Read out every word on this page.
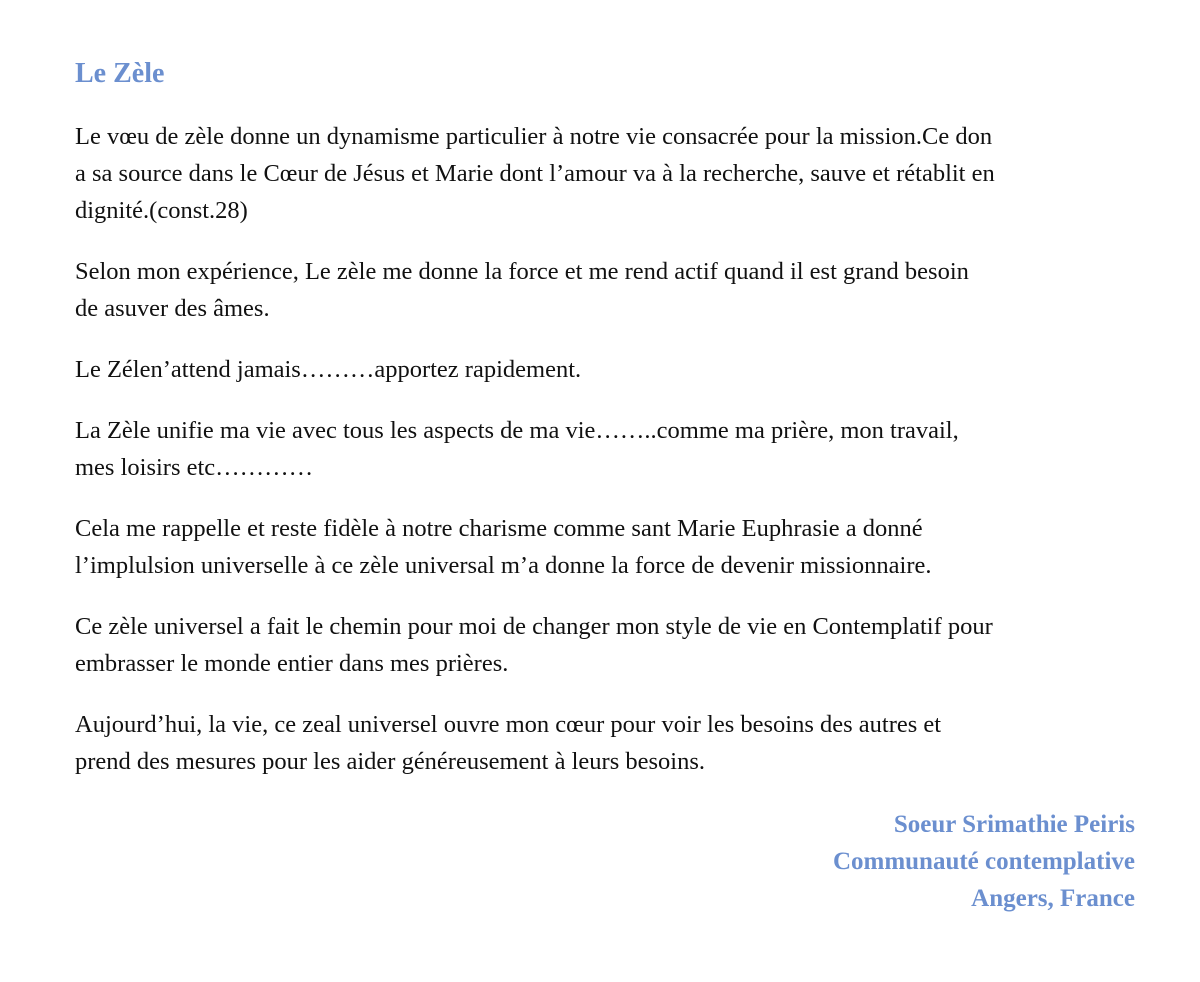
Le Zèle

Le vœu de zèle donne un dynamisme particulier à notre vie consacrée pour la mission.Ce don
a sa source dans le Cœur de Jésus et Marie dont l’amour va à la recherche, sauve et rétablit en
dignité.(const.28)

Selon mon expérience, Le zèle me donne la force et me rend actif quand il est grand besoin
de asuver des âmes.

Le Zélen’attend jamais………apportez rapidement.

La Zèle unifie ma vie avec tous les aspects de ma vie……..comme ma prière, mon travail,
mes loisirs etc…………

Cela me rappelle et reste fidèle à notre charisme comme sant Marie Euphrasie a donné
l’implulsion universelle à ce zèle universal m’a donne la force de devenir missionnaire.

Ce zèle universel a fait le chemin pour moi de changer mon style de vie en Contemplatif pour
embrasser le monde entier dans mes prières.

Aujourd’hui, la vie, ce zeal universel ouvre mon cœur pour voir les besoins des autres et
prend des mesures pour les aider généreusement à leurs besoins.

Soeur Srimathie Peiris
Communauté contemplative
Angers, France
